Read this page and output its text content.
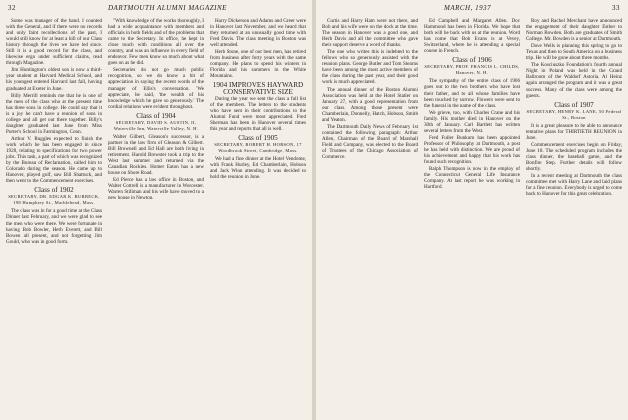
32	DARTMOUTH ALUMNI MAGAZINE

Some was manager of the band. I counted with the General, and if there were no records and only faint recollections of the past, I would still know for at least a hill of our Class history through the lives we have led since. Still it is a good record for the class, and likewise ergo under sufficient claims, read through Magazine.

Jim Huntington's oldest son is now a third-year student at Harvard Medical School, and his youngest entered Harvard last fall, having graduated at Exeter in June.

Billy Merrill reminds me that he is one of the men of the class who at the present time has three sons in college. He could say that it is a joy he can't have a reunion of sons in college and all get out there together. Billy's daughter graduated last June from Miss Porter's School in Farmington, Conn.

Arthur V. Ruggles expected to finish the work which he has been engaged in since 1928, relating to specifications for two power jobs. This task, a part of which was recognized by the Bureau of Reclamation, called him to Colorado during the season. He came up to Hanover, played golf, saw Bill Shattuck, and then went to the Commencement exercises.

Class of 1902
SECRETARY, DR. EDGAR K. BURBECK, 198 Humphrey St., Marblehead, Mass.

The class was in for a good time at the Class Dinner last February, and we were glad to see the men who were there. We were fortunate in having Bob Bowler, Herb Everett, and Bill Bowen all present, and not forgetting Jim Gould, who was in good form.

"With knowledge of the works thoroughly, I had a wide acquaintance with members and officials in both fields and of the problems that came to the Secretary. In office, he kept in close touch with conditions all over the country, and was an influence in every field of endeavor. Few men know so much about what goes on as he did.

Secretaries do not go much public recognition, so we do know a bit of appreciation in saying the recent words of the manager of Ellis's conversation. 'We appreciate, he said, 'the wealth of his knowledge which he gave so generously.' The cordial relations were evident throughout.

Class of 1904
SECRETARY, DAVID S. AUSTIN, II, Waterville Inn, Waterville Valley, N. H.

Walter Gilbert, Gleason's successor, is a partner in the law firm of Gleason & Gilbert. Bill Brownell and Ed Hall are both living in retirement. Harold Brewster took a trip to the West last summer and returned via the Canadian Rockies. Homer Eaton has a new house on Shore Road.

Ed Pierce has a law office in Boston, and Walter Cottrell is a manufacturer in Worcester. Warren Stillman and his wife have moved to a new house in Newton.

Harry Dickerson and Adams and Greer were in Hanover last November, and we heard that they returned at an unusually good time with Fred Davis. The class meeting in Boston was well attended.

Herb Stone, one of our best men, has retired from business after forty years with the same company. He plans to spend his winters in Florida and his summers in the White Mountains.

1904 IMPROVES HAYWARD CONSERVATIVE SIZE

During the year we sent the class a full list of the members. The letters to the students who have sent in their contributions to the Alumni Fund were most appreciated. Fred Sherman has been in Hanover several times this year and reports that all is well.

Class of 1905
SECRETARY, ROBERT H. HOBSON, 17 Woodbrook Street, Cambridge, Mass.

We had a fine dinner at the Hotel Vendome, with Frank Hurley, Ed Chamberlain, Hobson and Jack Winn attending. It was decided to hold the reunion in June.

MARCH, 1937	33

Curtis and Harry Ham were not there, and Bob and his wife were on the dock at the time. The season in Hanover was a good one, and Herb Davis and all the committee who gave their support deserve a word of thanks.

The one who writes this is indebted to the fellows who so generously assisted with the reunion plans. George Butler and Tom Stearns have been among the most active members of the class during the past year, and their good work is much appreciated.

The annual dinner of the Boston Alumni Association was held at the Hotel Statler on January 27, with a good representation from our class. Among those present were Chamberlain, Donnelly, Hatch, Hobson, Smith and Yeaton.

The Dartmouth Daily News of February 1st contained the following paragraph: Arthur Allen, Chairman of the Board of Marshall Field and Company, was elected to the Board of Trustees of the Chicago Association of Commerce.

Ed Campbell and Margaret Allen. Doc Hammond has been in Florida. We hope that both will be back with us at the reunion. Word has come that Bob Evans is at Vevey, Switzerland, where he is attending a special course in French.

Class of 1906
SECRETARY, PROF. FRANCIS L. CHILDS, Hanover, N. H.

The sympathy of the entire class of 1906 goes out to the two brothers who have lost their father, and to all whose families have been touched by sorrow. Flowers were sent to the funeral in the name of the class.

We grieve, too, with Charles Crane and his family. His mother died in Hanover on the 30th of January. Carl Bartlett has written several letters from the West.

Fred Fuller Bunkum has been appointed Professor of Philosophy at Dartmouth, a post he has held with distinction. We are proud of his achievement and happy that his work has found such recognition.

Ralph Thompson is now in the employ of the Connecticut General Life Insurance Company. At last report he was working in Hartford.

Roy and Rachel Merchant have announced the engagement of their daughter Esther to Norman Bowden. Both are graduates of Smith College. Mr. Bowden is a senior at Dartmouth.

Dave Wells is planning this spring to go to Texas and then to South America on a business trip. He will be gone about three months.

The Kosciuszko Foundation's fourth annual Night in Poland was held in the Grand Ballroom of the Waldorf Astoria. Al Heinz again arranged the program and it was a great success. Many of the class were among the guests.

Class of 1907
SECRETARY, HENRY K. LANE, 50 Federal St., Boston

It is a great pleasure to be able to announce tentative plans for THIRTIETH REUNION in June.

Commencement exercises begin on Friday, June 18. The scheduled program includes the class dinner, the baseball game, and the Bonfire Step. Further details will follow shortly.

In a recent meeting at Dartmouth the class committee met with Harry Lane and laid plans for a fine reunion. Everybody is urged to come back to Hanover for this great celebration.
